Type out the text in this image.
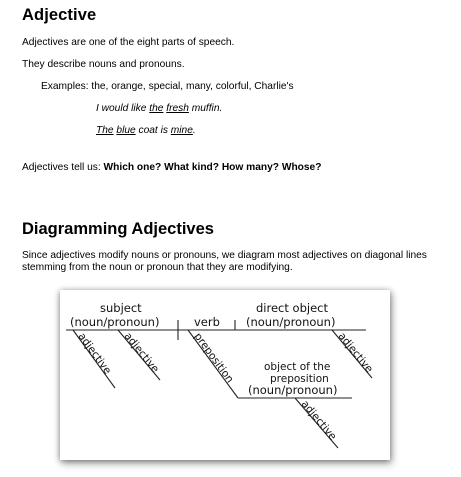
Adjective
Adjectives are one of the eight parts of speech.
They describe nouns and pronouns.
Examples: the, orange, special, many, colorful, Charlie's
I would like the fresh muffin.
The blue coat is mine.
Adjectives tell us: Which one? What kind? How many? Whose?
Diagramming Adjectives
Since adjectives modify nouns or pronouns, we diagram most adjectives on diagonal lines stemming from the noun or pronoun that they are modifying.
subject
(noun/pronoun)	verb
direct object
(noun/pronoun)
adjective adjective	adjective
preposition	object of the
preposition
(noun/pronoun)
adjective
